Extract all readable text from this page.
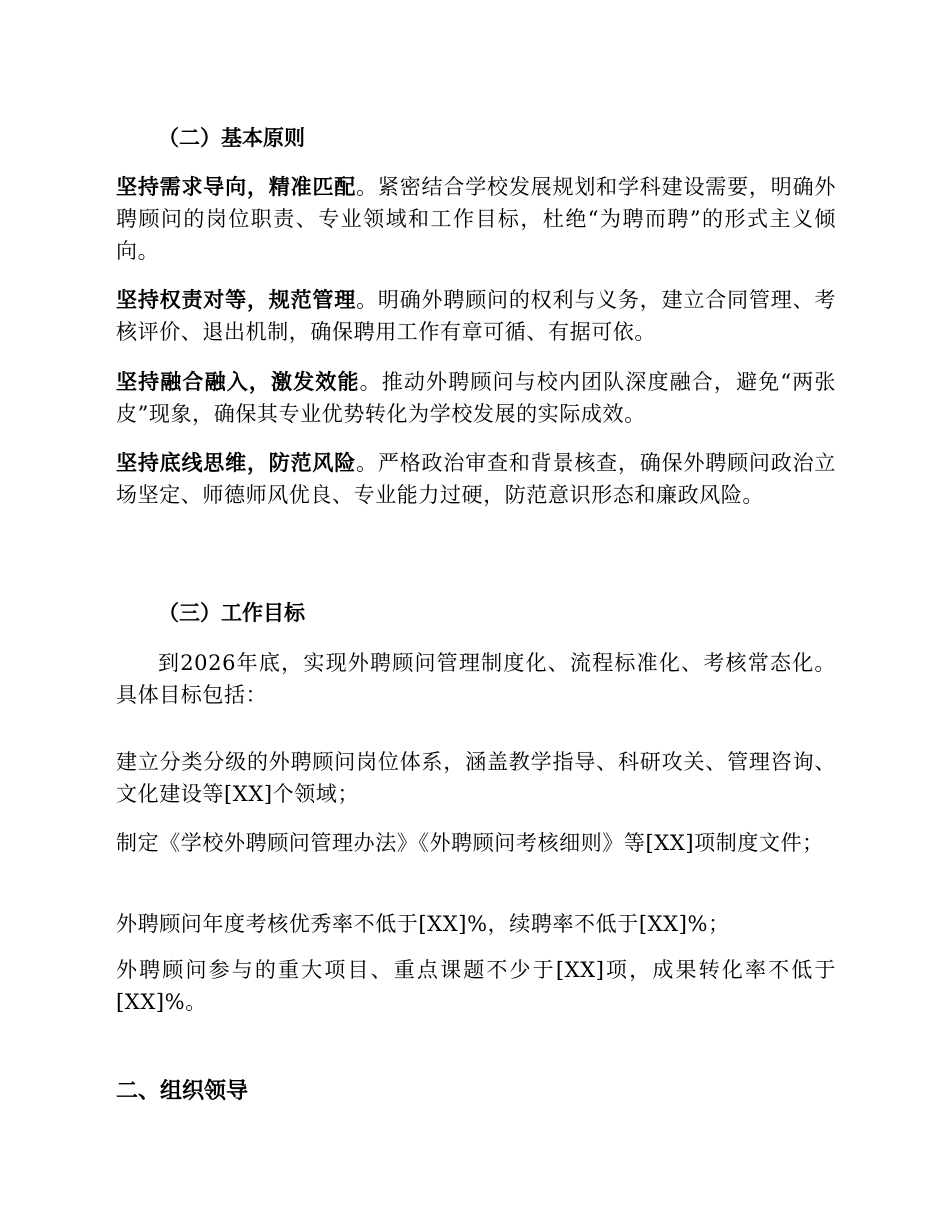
（二）基本原则

坚持需求导向，精准匹配。紧密结合学校发展规划和学科建设需要，明确外聘顾问的岗位职责、专业领域和工作目标，杜绝“为聘而聘”的形式主义倾向。

坚持权责对等，规范管理。明确外聘顾问的权利与义务，建立合同管理、考核评价、退出机制，确保聘用工作有章可循、有据可依。

坚持融合融入，激发效能。推动外聘顾问与校内团队深度融合，避免“两张皮”现象，确保其专业优势转化为学校发展的实际成效。

坚持底线思维，防范风险。严格政治审查和背景核查，确保外聘顾问政治立场坚定、师德师风优良、专业能力过硬，防范意识形态和廉政风险。

（三）工作目标

到2026年底，实现外聘顾问管理制度化、流程标准化、考核常态化。具体目标包括：

建立分类分级的外聘顾问岗位体系，涵盖教学指导、科研攻关、管理咨询、文化建设等[XX]个领域；

制定《学校外聘顾问管理办法》《外聘顾问考核细则》等[XX]项制度文件；

外聘顾问年度考核优秀率不低于[XX]%，续聘率不低于[XX]%；

外聘顾问参与的重大项目、重点课题不少于[XX]项，成果转化率不低于[XX]%。

二、组织领导
